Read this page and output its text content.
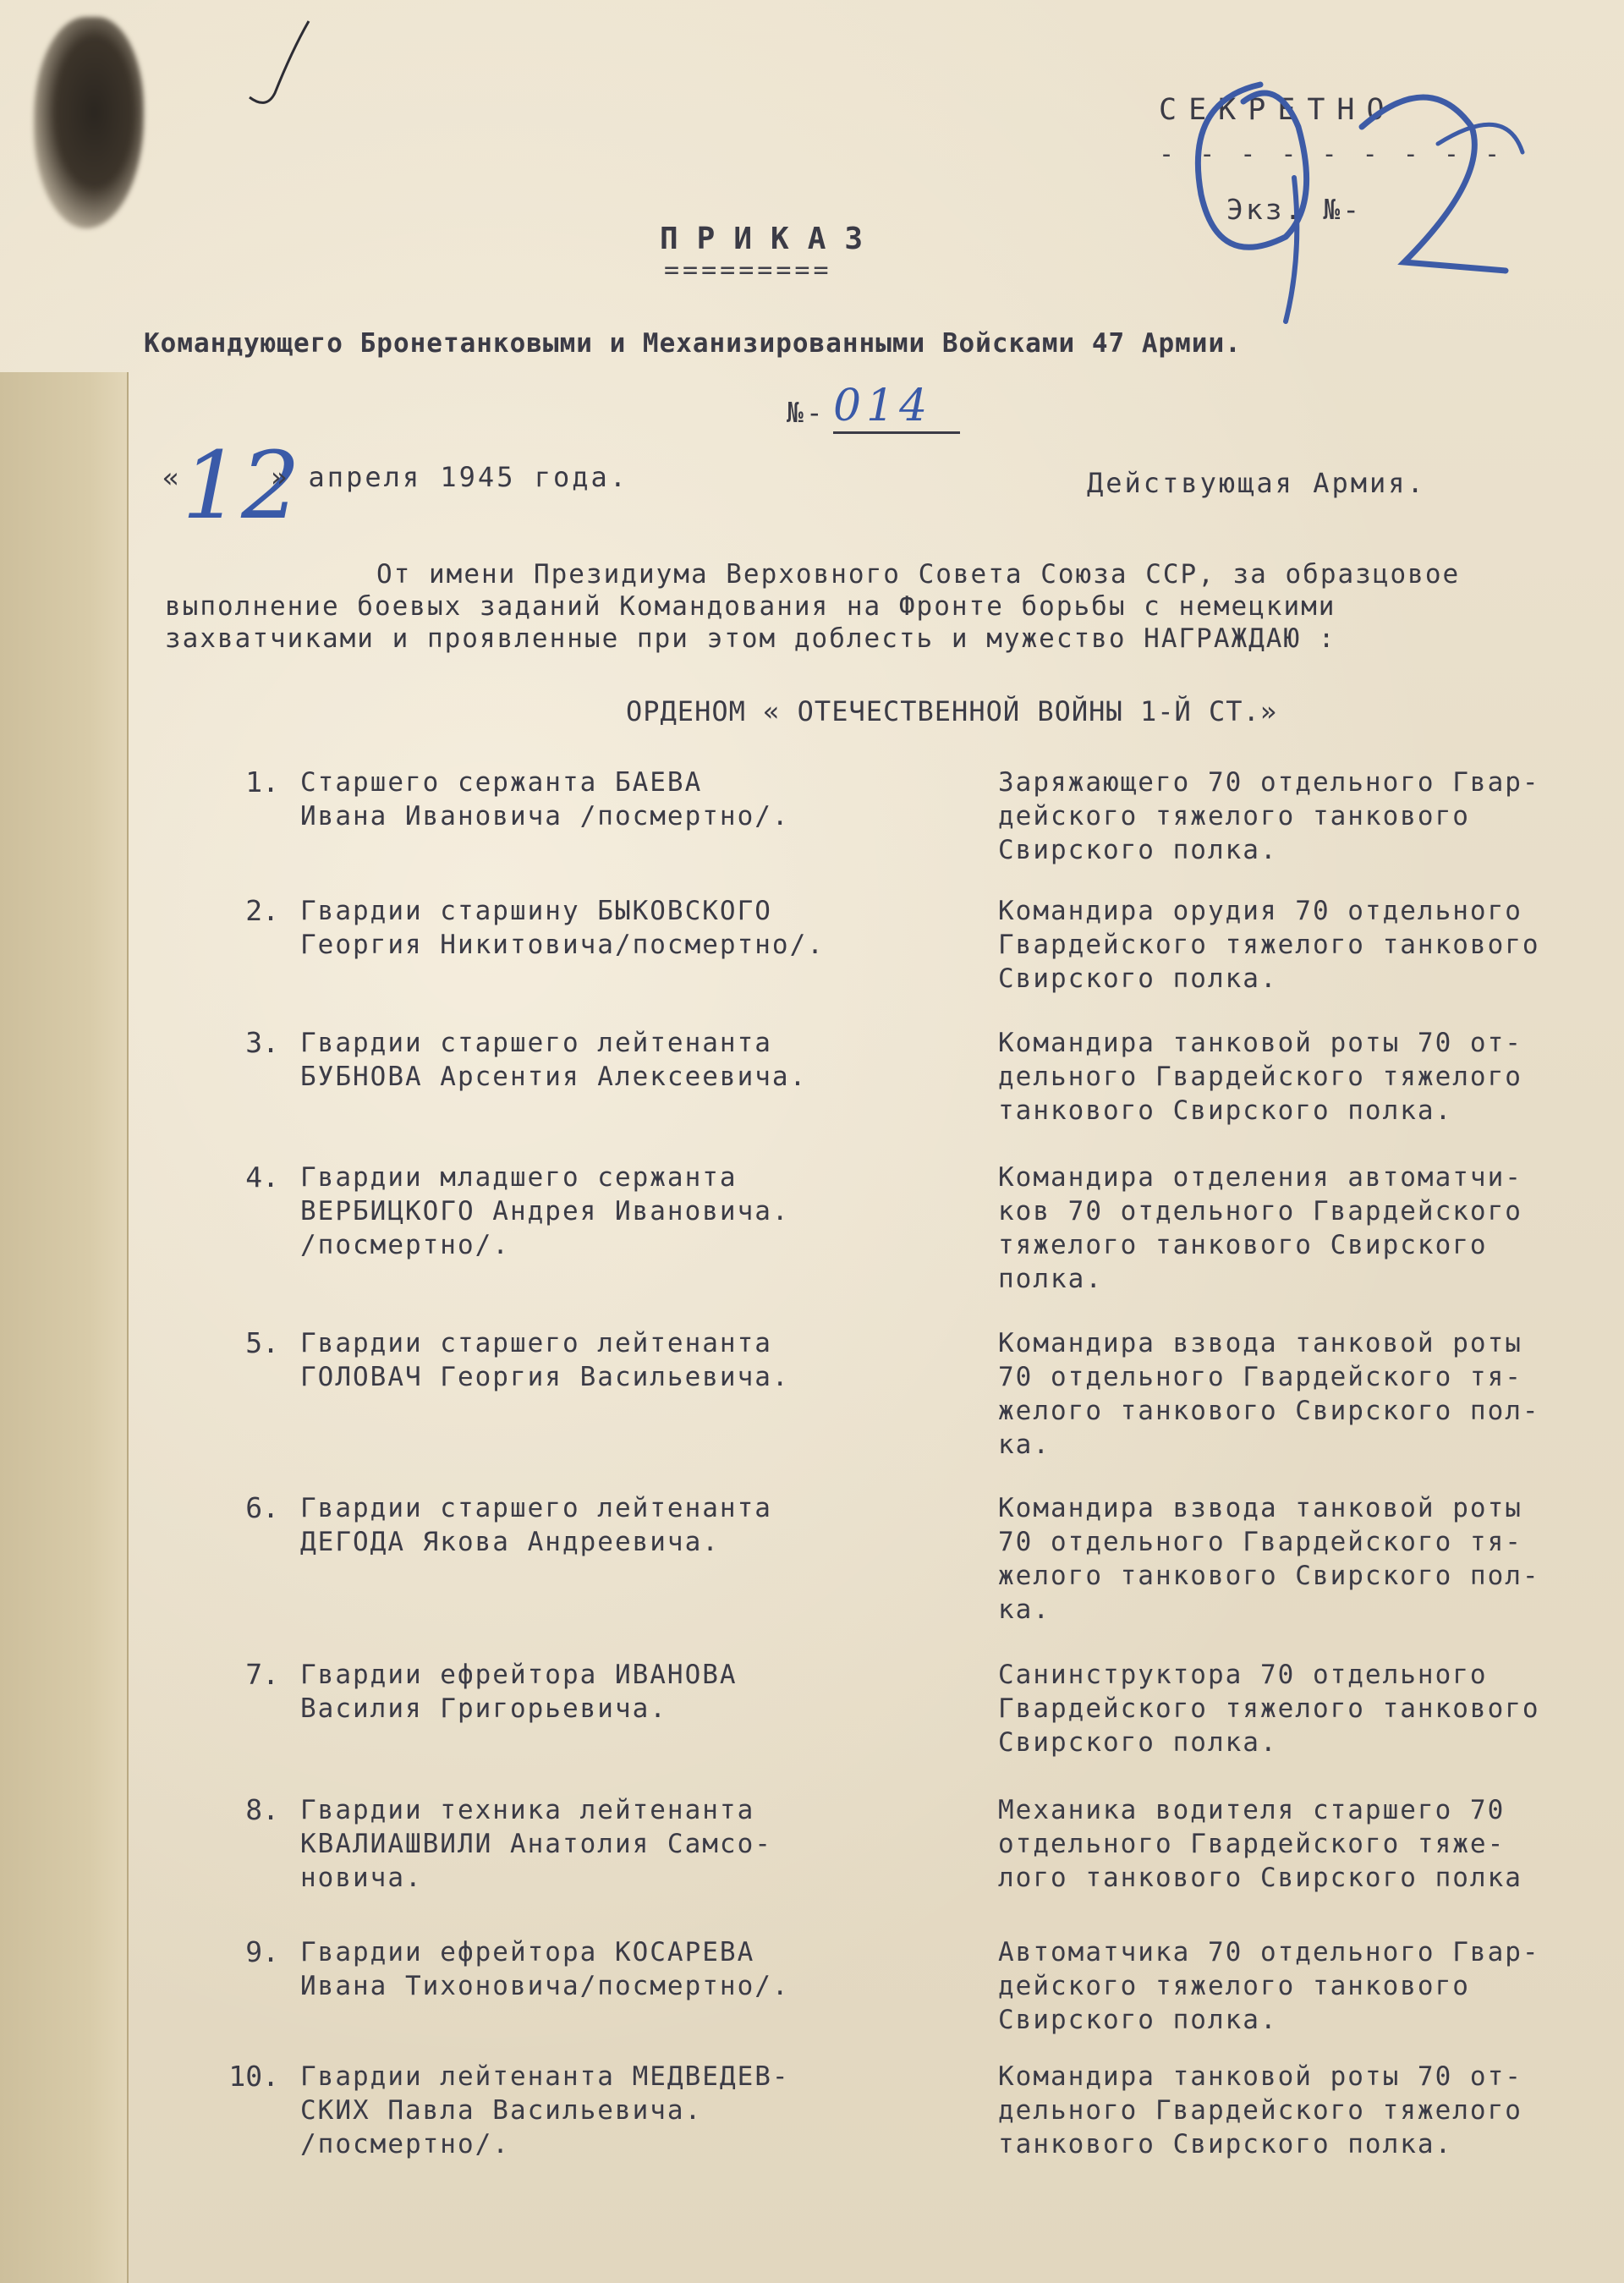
СЕКРЕТНО
- - - - - - - - -
Экз. №-
ПРИКАЗ
=========
Командующего Бронетанковыми и Механизированными Войсками 47 Армии.
№- 014
« 12
» апреля 1945 года.	Действующая Армия.
От имени Президиума Верховного Совета Союза ССР, за образцовое
выполнение боевых заданий Командования на Фронте борьбы с немецкими
захватчиками и проявленные при этом доблесть и мужество НАГРАЖДАЮ :
ОРДЕНОМ « ОТЕЧЕСТВЕННОЙ ВОЙНЫ 1-Й СТ.»
1. Старшего сержанта БАЕВА
Ивана Ивановича /посмертно/.
Заряжающего 70 отдельного Гвар-
дейского тяжелого танкового
Свирского полка.
2. Гвардии старшину БЫКОВСКОГО
Георгия Никитовича/посмертно/.
Командира орудия 70 отдельного
Гвардейского тяжелого танкового
Свирского полка.
3. Гвардии старшего лейтенанта
БУБНОВА Арсентия Алексеевича.
Командира танковой роты 70 от-
дельного Гвардейского тяжелого
танкового Свирского полка.
4. Гвардии младшего сержанта
ВЕРБИЦКОГО Андрея Ивановича.
/посмертно/.
Командира отделения автоматчи-
ков 70 отдельного Гвардейского
тяжелого танкового Свирского
полка.
5. Гвардии старшего лейтенанта
ГОЛОВАЧ Георгия Васильевича.
Командира взвода танковой роты
70 отдельного Гвардейского тя-
желого танкового Свирского пол-
ка.
6. Гвардии старшего лейтенанта
ДЕГОДА Якова Андреевича.
Командира взвода танковой роты
70 отдельного Гвардейского тя-
желого танкового Свирского пол-
ка.
7. Гвардии ефрейтора ИВАНОВА
Василия Григорьевича.
Санинструктора 70 отдельного
Гвардейского тяжелого танкового
Свирского полка.
8. Гвардии техника лейтенанта
КВАЛИАШВИЛИ Анатолия Самсо-
новича.
Механика водителя старшего 70
отдельного Гвардейского тяже-
лого танкового Свирского полка
9. Гвардии ефрейтора КОСАРЕВА
Ивана Тихоновича/посмертно/.
Автоматчика 70 отдельного Гвар-
дейского тяжелого танкового
Свирского полка.
10. Гвардии лейтенанта МЕДВЕДЕВ-
СКИХ Павла Васильевича.
/посмертно/.
Командира танковой роты 70 от-
дельного Гвардейского тяжелого
танкового Свирского полка.
